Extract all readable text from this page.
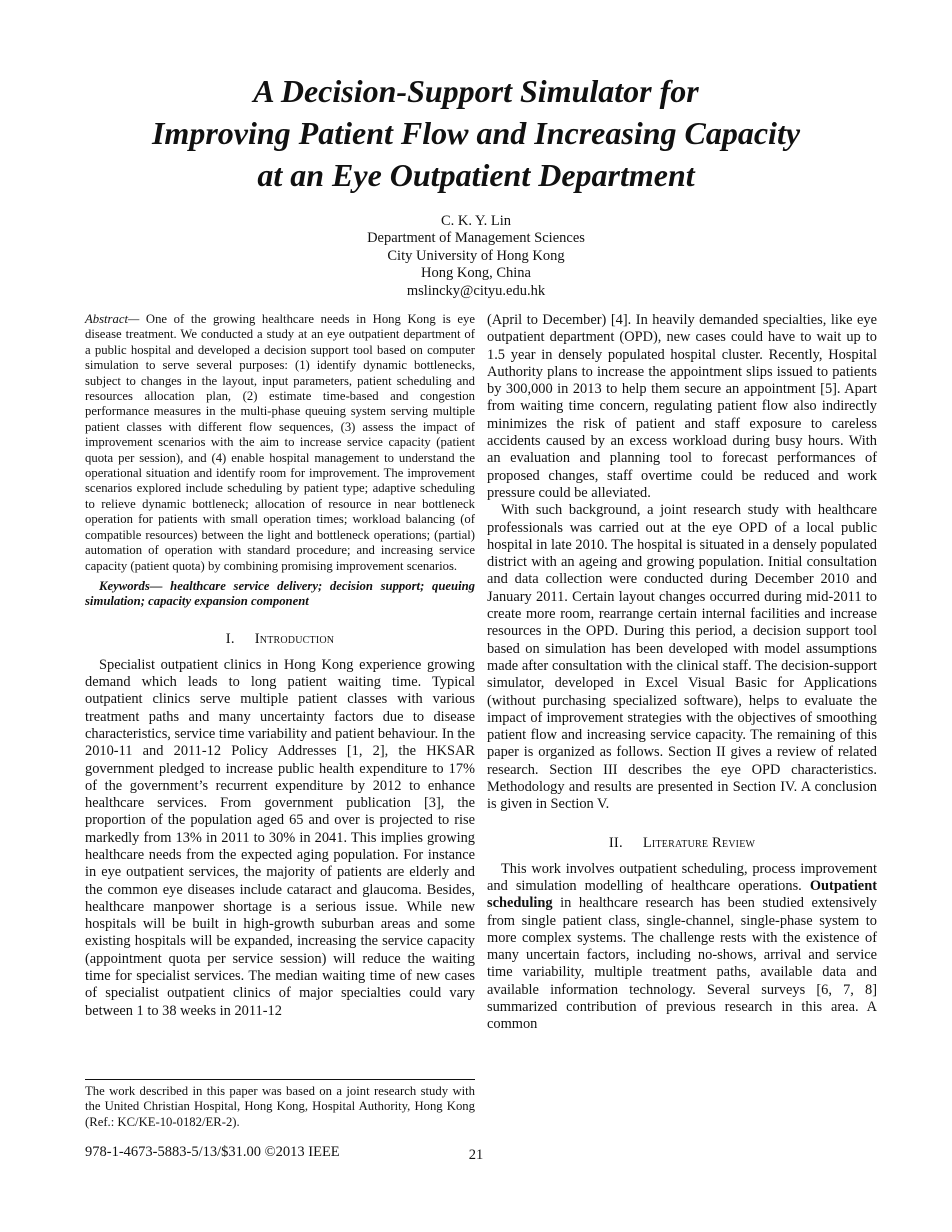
A Decision-Support Simulator for
Improving Patient Flow and Increasing Capacity
at an Eye Outpatient Department
C. K. Y. Lin
Department of Management Sciences
City University of Hong Kong
Hong Kong, China
mslincky@cityu.edu.hk

Abstract— One of the growing healthcare needs in Hong Kong is eye disease treatment. We conducted a study at an eye outpatient department of a public hospital and developed a decision support tool based on computer simulation to serve several purposes: (1) identify dynamic bottlenecks, subject to changes in the layout, input parameters, patient scheduling and resources allocation plan, (2) estimate time-based and congestion performance measures in the multi-phase queuing system serving multiple patient classes with different flow sequences, (3) assess the impact of improvement scenarios with the aim to increase service capacity (patient quota per session), and (4) enable hospital management to understand the operational situation and identify room for improvement. The improvement scenarios explored include scheduling by patient type; adaptive scheduling to relieve dynamic bottleneck; allocation of resource in near bottleneck operation for patients with small operation times; workload balancing (of compatible resources) between the light and bottleneck operations; (partial) automation of operation with standard procedure; and increasing service capacity (patient quota) by combining promising improvement scenarios.

Keywords— healthcare service delivery; decision support; queuing simulation; capacity expansion component

I. Introduction

Specialist outpatient clinics in Hong Kong experience growing demand which leads to long patient waiting time. Typical outpatient clinics serve multiple patient classes with various treatment paths and many uncertainty factors due to disease characteristics, service time variability and patient behaviour. In the 2010-11 and 2011-12 Policy Addresses [1, 2], the HKSAR government pledged to increase public health expenditure to 17% of the government’s recurrent expenditure by 2012 to enhance healthcare services. From government publication [3], the proportion of the population aged 65 and over is projected to rise markedly from 13% in 2011 to 30% in 2041. This implies growing healthcare needs from the expected aging population. For instance in eye outpatient services, the majority of patients are elderly and the common eye diseases include cataract and glaucoma. Besides, healthcare manpower shortage is a serious issue. While new hospitals will be built in high-growth suburban areas and some existing hospitals will be expanded, increasing the service capacity (appointment quota per service session) will reduce the waiting time for specialist services. The median waiting time of new cases of specialist outpatient clinics of major specialties could vary between 1 to 38 weeks in 2011-12

The work described in this paper was based on a joint research study with the United Christian Hospital, Hong Kong, Hospital Authority, Hong Kong (Ref.: KC/KE-10-0182/ER-2).

(April to December) [4]. In heavily demanded specialties, like eye outpatient department (OPD), new cases could have to wait up to 1.5 year in densely populated hospital cluster. Recently, Hospital Authority plans to increase the appointment slips issued to patients by 300,000 in 2013 to help them secure an appointment [5]. Apart from waiting time concern, regulating patient flow also indirectly minimizes the risk of patient and staff exposure to careless accidents caused by an excess workload during busy hours. With an evaluation and planning tool to forecast performances of proposed changes, staff overtime could be reduced and work pressure could be alleviated.

With such background, a joint research study with healthcare professionals was carried out at the eye OPD of a local public hospital in late 2010. The hospital is situated in a densely populated district with an ageing and growing population. Initial consultation and data collection were conducted during December 2010 and January 2011. Certain layout changes occurred during mid-2011 to create more room, rearrange certain internal facilities and increase resources in the OPD. During this period, a decision support tool based on simulation has been developed with model assumptions made after consultation with the clinical staff. The decision-support simulator, developed in Excel Visual Basic for Applications (without purchasing specialized software), helps to evaluate the impact of improvement strategies with the objectives of smoothing patient flow and increasing service capacity. The remaining of this paper is organized as follows. Section II gives a review of related research. Section III describes the eye OPD characteristics. Methodology and results are presented in Section IV. A conclusion is given in Section V.

II. Literature Review

This work involves outpatient scheduling, process improvement and simulation modelling of healthcare operations. Outpatient scheduling in healthcare research has been studied extensively from single patient class, single-channel, single-phase system to more complex systems. The challenge rests with the existence of many uncertain factors, including no-shows, arrival and service time variability, multiple treatment paths, available data and available information technology. Several surveys [6, 7, 8] summarized contribution of previous research in this area. A common

978-1-4673-5883-5/13/$31.00 ©2013 IEEE	21
